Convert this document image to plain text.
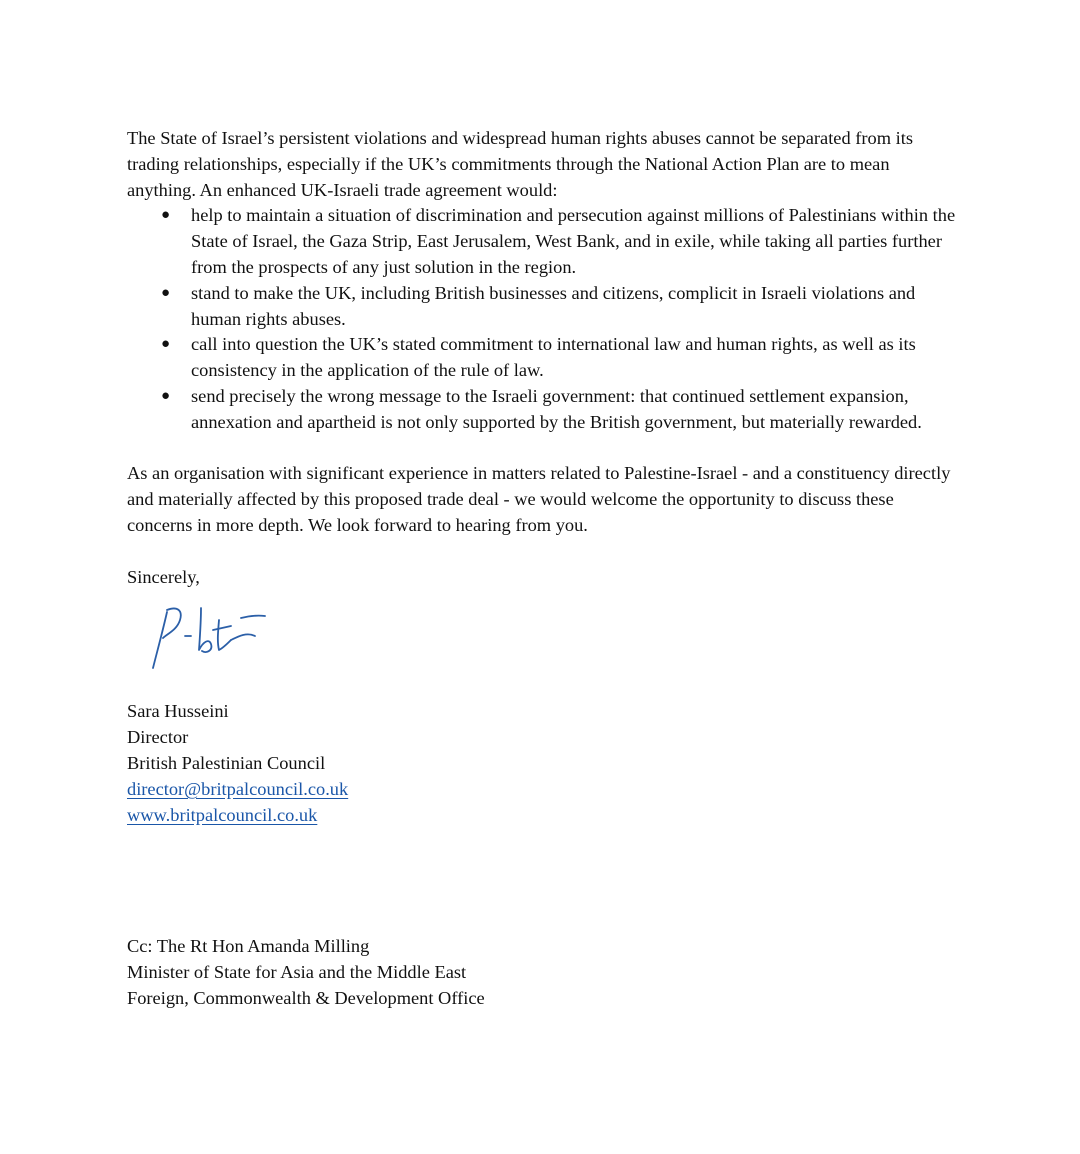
The State of Israel’s persistent violations and widespread human rights abuses cannot be separated from its trading relationships, especially if the UK’s commitments through the National Action Plan are to mean anything. An enhanced UK-Israeli trade agreement would:

● help to maintain a situation of discrimination and persecution against millions of Palestinians within the State of Israel, the Gaza Strip, East Jerusalem, West Bank, and in exile, while taking all parties further from the prospects of any just solution in the region.
● stand to make the UK, including British businesses and citizens, complicit in Israeli violations and human rights abuses.
● call into question the UK’s stated commitment to international law and human rights, as well as its consistency in the application of the rule of law.
● send precisely the wrong message to the Israeli government: that continued settlement expansion, annexation and apartheid is not only supported by the British government, but materially rewarded.

As an organisation with significant experience in matters related to Palestine-Israel - and a constituency directly and materially affected by this proposed trade deal - we would welcome the opportunity to discuss these concerns in more depth. We look forward to hearing from you.

Sincerely,

Sara Husseini

Director

British Palestinian Council

director@britpalcouncil.co.uk

www.britpalcouncil.co.uk

Cc: The Rt Hon Amanda Milling

Minister of State for Asia and the Middle East

Foreign, Commonwealth & Development Office
